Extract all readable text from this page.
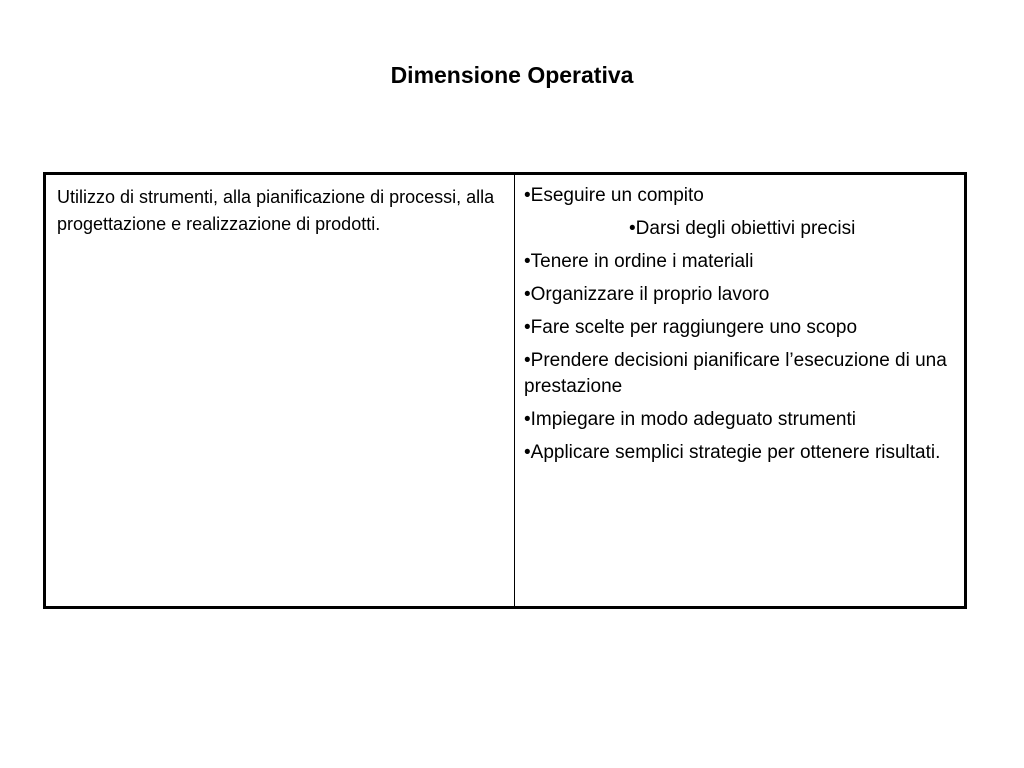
Dimensione Operativa
Utilizzo di strumenti, alla pianificazione di processi, alla progettazione e realizzazione di prodotti.
•Eseguire un compito
•Darsi degli obiettivi precisi
•Tenere in ordine i materiali
•Organizzare il proprio lavoro
•Fare scelte per raggiungere uno scopo
•Prendere decisioni pianificare l’esecuzione di una prestazione
•Impiegare in modo adeguato strumenti
•Applicare semplici strategie per ottenere risultati.
